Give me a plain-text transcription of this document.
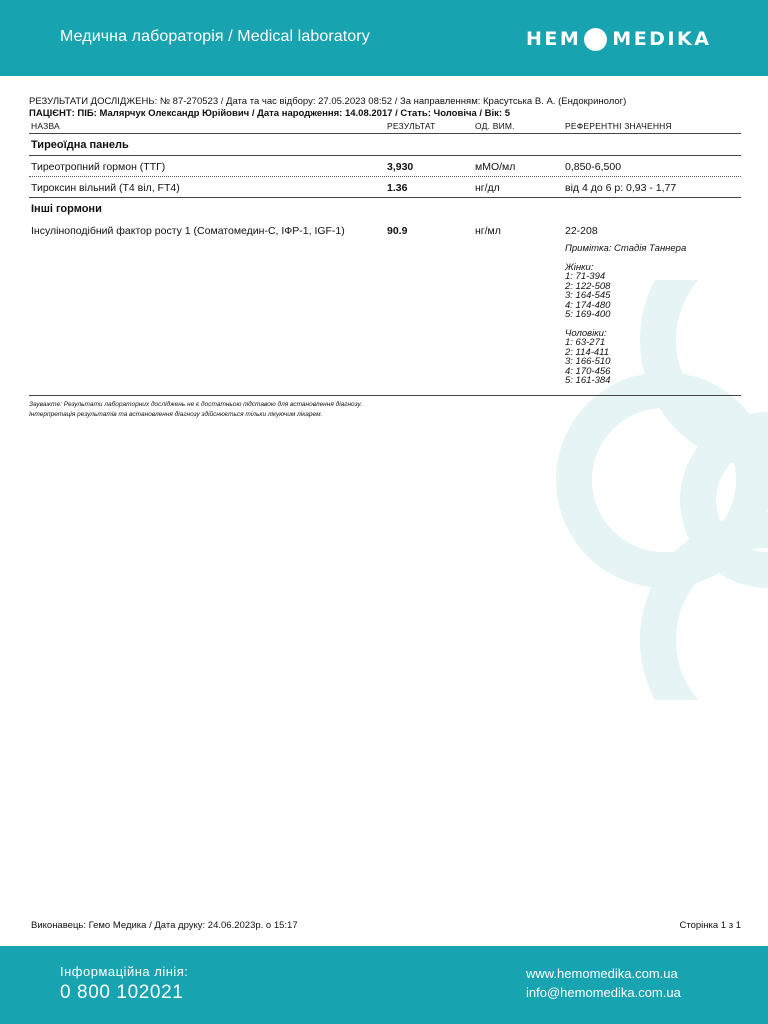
Медична лабораторія / Medical laboratory	HEM MEDIKA
РЕЗУЛЬТАТИ ДОСЛІДЖЕНЬ: № 87-270523 / Дата та час відбору: 27.05.2023 08:52 / За направленням: Красутська В. А. (Ендокринолог)
ПАЦІЄНТ: ПІБ: Малярчук Олександр Юрійович / Дата народження: 14.08.2017 / Стать: Чоловіча / Вік: 5
НАЗВА	РЕЗУЛЬТАТ	ОД. ВИМ.	РЕФЕРЕНТНІ ЗНАЧЕННЯ
Тиреоїдна панель
Тиреотропний гормон (ТТГ)	3,930	мМО/мл	0,850-6,500
Тироксин вільний (Т4 віл, FT4)	1.36	нг/дл	від 4 до 6 р: 0,93 - 1,77
Інші гормони
Інсуліноподібний фактор росту 1 (Соматомедин-С, ІФР-1, IGF-1)	90.9	нг/мл	22-208
Примітка: Стадія Таннера
Жінки:
1: 71-394
2: 122-508
3: 164-545
4: 174-480
5: 169-400
Чоловіки:
1: 63-271
2: 114-411
3: 166-510
4: 170-456
5: 161-384
Зауважте: Результати лабораторних досліджень не є достатньою підставою для встановлення діагнозу.
Інтерпретація результатів та встановлення діагнозу здійснюється тільки лікуючим лікарем.
Виконавець: Гемо Медика / Дата друку: 24.06.2023р. о 15:17	Сторінка 1 з 1
Інформаційна лінія:
0 800 102021
www.hemomedika.com.ua
info@hemomedika.com.ua
